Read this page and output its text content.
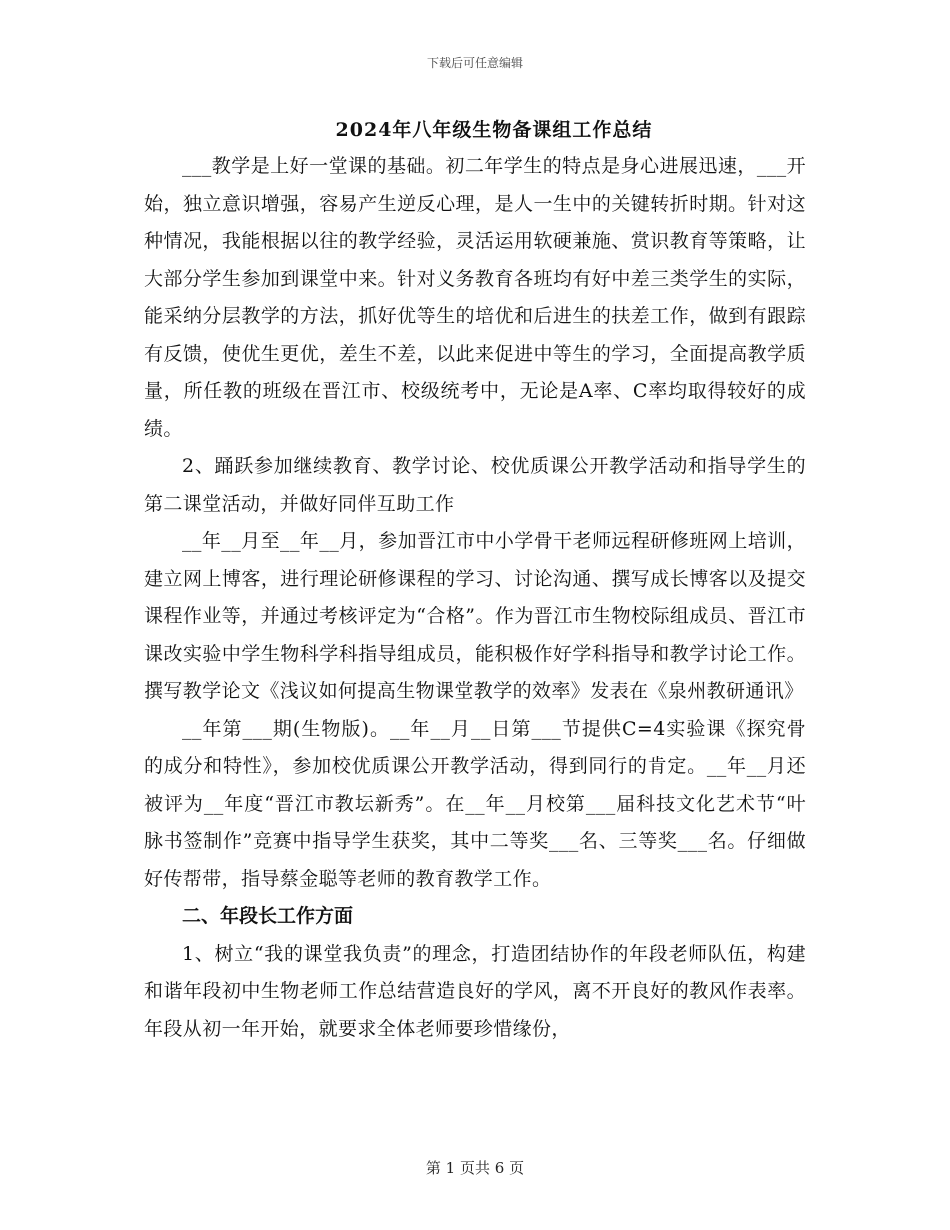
下载后可任意编辑
2024年八年级生物备课组工作总结

___教学是上好一堂课的基础。初二年学生的特点是身心进展迅速，___开始，独立意识增强，容易产生逆反心理，是人一生中的关键转折时期。针对这种情况，我能根据以往的教学经验，灵活运用软硬兼施、赏识教育等策略，让大部分学生参加到课堂中来。针对义务教育各班均有好中差三类学生的实际，能采纳分层教学的方法，抓好优等生的培优和后进生的扶差工作，做到有跟踪有反馈，使优生更优，差生不差，以此来促进中等生的学习，全面提高教学质量，所任教的班级在晋江市、校级统考中，无论是A率、C率均取得较好的成绩。

2、踊跃参加继续教育、教学讨论、校优质课公开教学活动和指导学生的第二课堂活动，并做好同伴互助工作

__年__月至__年__月，参加晋江市中小学骨干老师远程研修班网上培训，建立网上博客，进行理论研修课程的学习、讨论沟通、撰写成长博客以及提交课程作业等，并通过考核评定为“合格”。作为晋江市生物校际组成员、晋江市课改实验中学生物科学科指导组成员，能积极作好学科指导和教学讨论工作。撰写教学论文《浅议如何提高生物课堂教学的效率》发表在《泉州教研通讯》

__年第___期(生物版)。__年__月__日第___节提供C=4实验课《探究骨的成分和特性》，参加校优质课公开教学活动，得到同行的肯定。__年__月还被评为__年度“晋江市教坛新秀”。在__年__月校第___届科技文化艺术节“叶脉书签制作”竞赛中指导学生获奖，其中二等奖___名、三等奖___名。仔细做好传帮带，指导蔡金聪等老师的教育教学工作。

二、年段长工作方面

1、树立“我的课堂我负责”的理念，打造团结协作的年段老师队伍，构建和谐年段初中生物老师工作总结营造良好的学风，离不开良好的教风作表率。年段从初一年开始，就要求全体老师要珍惜缘份，

第 1 页共 6 页
